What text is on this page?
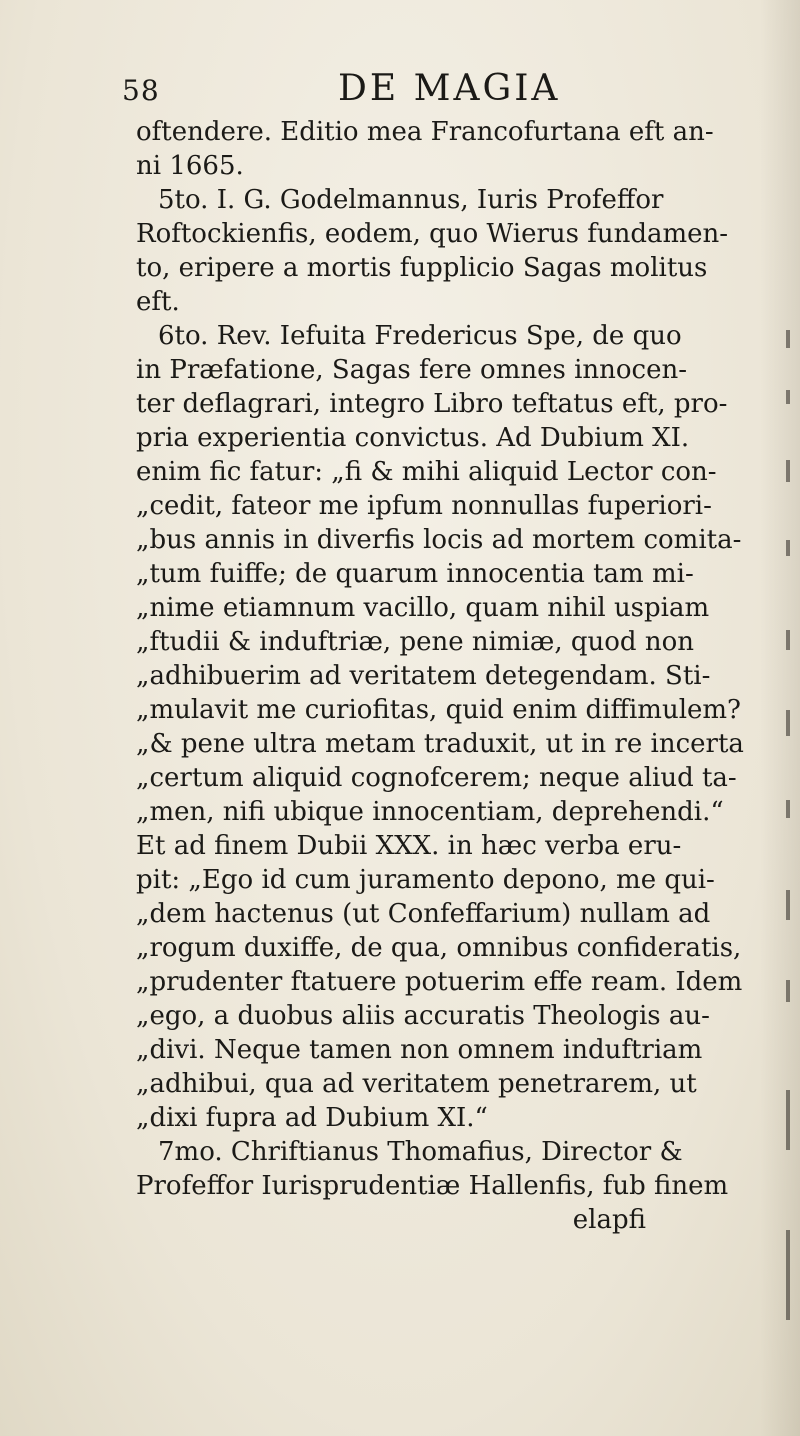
58	DE MAGIA
oftendere. Editio mea Francofurtana eft an-
ni 1665.
5to. I. G. Godelmannus, Iuris Profeffor
Roftockienfis, eodem, quo Wierus fundamen-
to, eripere a mortis fupplicio Sagas molitus
eft.
6to. Rev. Iefuita Fredericus Spe, de quo
in Præfatione, Sagas fere omnes innocen-
ter deflagrari, integro Libro teftatus eft, pro-
pria experientia convictus. Ad Dubium XI.
enim fic fatur: „fi & mihi aliquid Lector con-
„cedit, fateor me ipfum nonnullas fuperiori-
„bus annis in diverfis locis ad mortem comita-
„tum fuiffe; de quarum innocentia tam mi-
„nime etiamnum vacillo, quam nihil uspiam
„ftudii & induftriæ, pene nimiæ, quod non
„adhibuerim ad veritatem detegendam. Sti-
„mulavit me curiofitas, quid enim diffimulem?
„& pene ultra metam traduxit, ut in re incerta
„certum aliquid cognofcerem; neque aliud ta-
„men, nifi ubique innocentiam, deprehendi.“
Et ad finem Dubii XXX. in hæc verba eru-
pit: „Ego id cum juramento depono, me qui-
„dem hactenus (ut Confeffarium) nullam ad
„rogum duxiffe, de qua, omnibus confideratis,
„prudenter ftatuere potuerim effe ream. Idem
„ego, a duobus aliis accuratis Theologis au-
„divi. Neque tamen non omnem induftriam
„adhibui, qua ad veritatem penetrarem, ut
„dixi fupra ad Dubium XI.“
7mo. Chriftianus Thomafius, Director &
Profeffor Iurisprudentiæ Hallenfis, fub finem
elapfi
